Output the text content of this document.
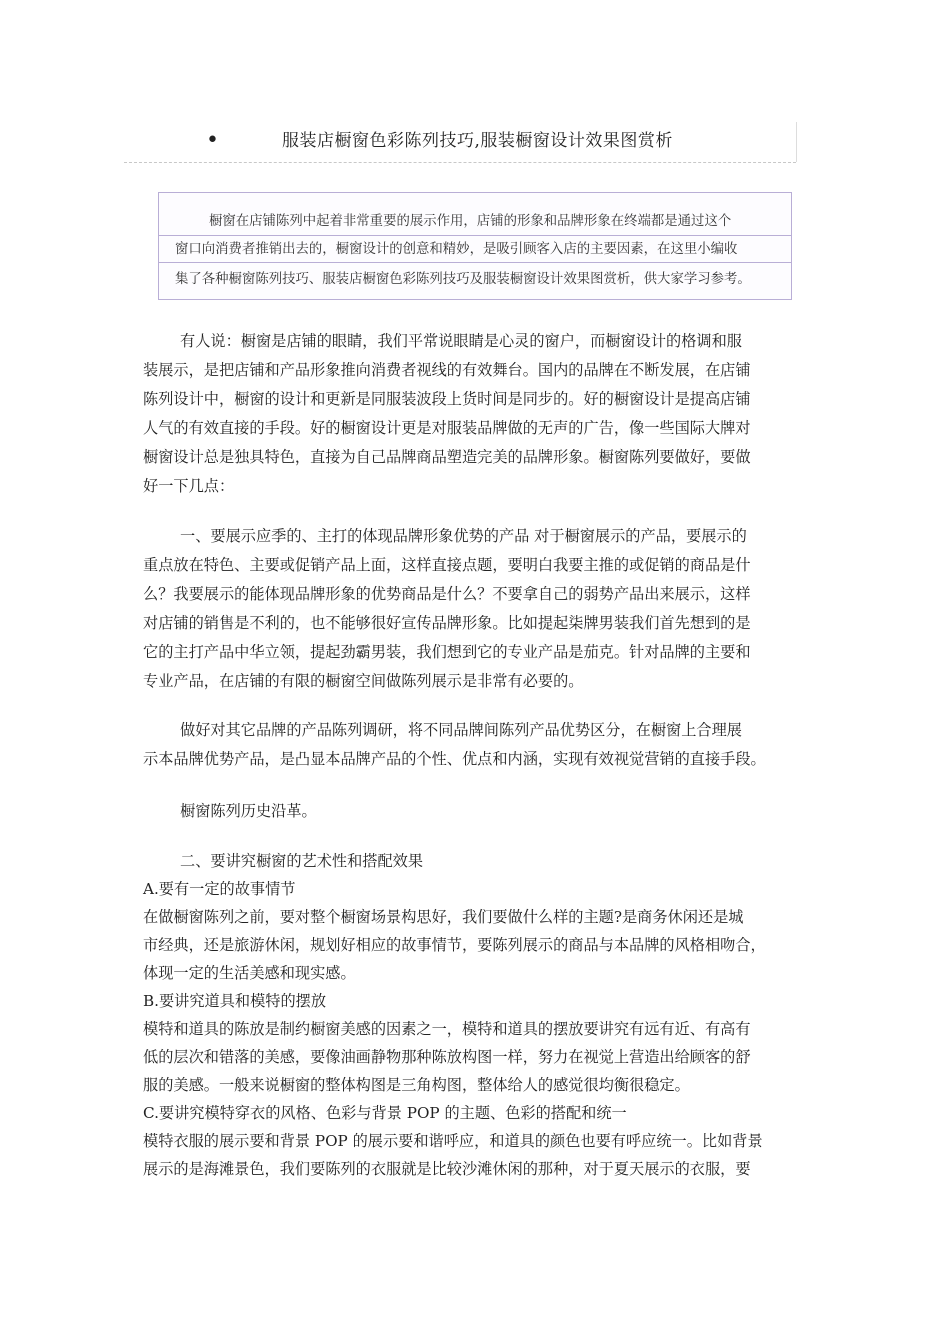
•	服装店橱窗色彩陈列技巧,服装橱窗设计效果图赏析
橱窗在店铺陈列中起着非常重要的展示作用，店铺的形象和品牌形象在终端都是通过这个
窗口向消费者推销出去的，橱窗设计的创意和精妙，是吸引顾客入店的主要因素，在这里小编收
集了各种橱窗陈列技巧、服装店橱窗色彩陈列技巧及服装橱窗设计效果图赏析，供大家学习参考。
有人说：橱窗是店铺的眼睛，我们平常说眼睛是心灵的窗户，而橱窗设计的格调和服
装展示，是把店铺和产品形象推向消费者视线的有效舞台。国内的品牌在不断发展，在店铺
陈列设计中，橱窗的设计和更新是同服装波段上货时间是同步的。好的橱窗设计是提高店铺
人气的有效直接的手段。好的橱窗设计更是对服装品牌做的无声的广告，像一些国际大牌对
橱窗设计总是独具特色，直接为自己品牌商品塑造完美的品牌形象。橱窗陈列要做好，要做
好一下几点：
一、要展示应季的、主打的体现品牌形象优势的产品 对于橱窗展示的产品，要展示的
重点放在特色、主要或促销产品上面，这样直接点题，要明白我要主推的或促销的商品是什
么？我要展示的能体现品牌形象的优势商品是什么？不要拿自己的弱势产品出来展示，这样
对店铺的销售是不利的，也不能够很好宣传品牌形象。比如提起柒牌男装我们首先想到的是
它的主打产品中华立领，提起劲霸男装，我们想到它的专业产品是茄克。针对品牌的主要和
专业产品，在店铺的有限的橱窗空间做陈列展示是非常有必要的。
做好对其它品牌的产品陈列调研，将不同品牌间陈列产品优势区分，在橱窗上合理展
示本品牌优势产品，是凸显本品牌产品的个性、优点和内涵，实现有效视觉营销的直接手段。
橱窗陈列历史沿革。
二、要讲究橱窗的艺术性和搭配效果
A.要有一定的故事情节
在做橱窗陈列之前，要对整个橱窗场景构思好，我们要做什么样的主题?是商务休闲还是城
市经典，还是旅游休闲，规划好相应的故事情节，要陈列展示的商品与本品牌的风格相吻合，
体现一定的生活美感和现实感。
B.要讲究道具和模特的摆放
模特和道具的陈放是制约橱窗美感的因素之一，模特和道具的摆放要讲究有远有近、有高有
低的层次和错落的美感，要像油画静物那种陈放构图一样，努力在视觉上营造出给顾客的舒
服的美感。一般来说橱窗的整体构图是三角构图，整体给人的感觉很均衡很稳定。
C.要讲究模特穿衣的风格、色彩与背景 POP 的主题、色彩的搭配和统一
模特衣服的展示要和背景 POP 的展示要和谐呼应，和道具的颜色也要有呼应统一。比如背景
展示的是海滩景色，我们要陈列的衣服就是比较沙滩休闲的那种，对于夏天展示的衣服，要
